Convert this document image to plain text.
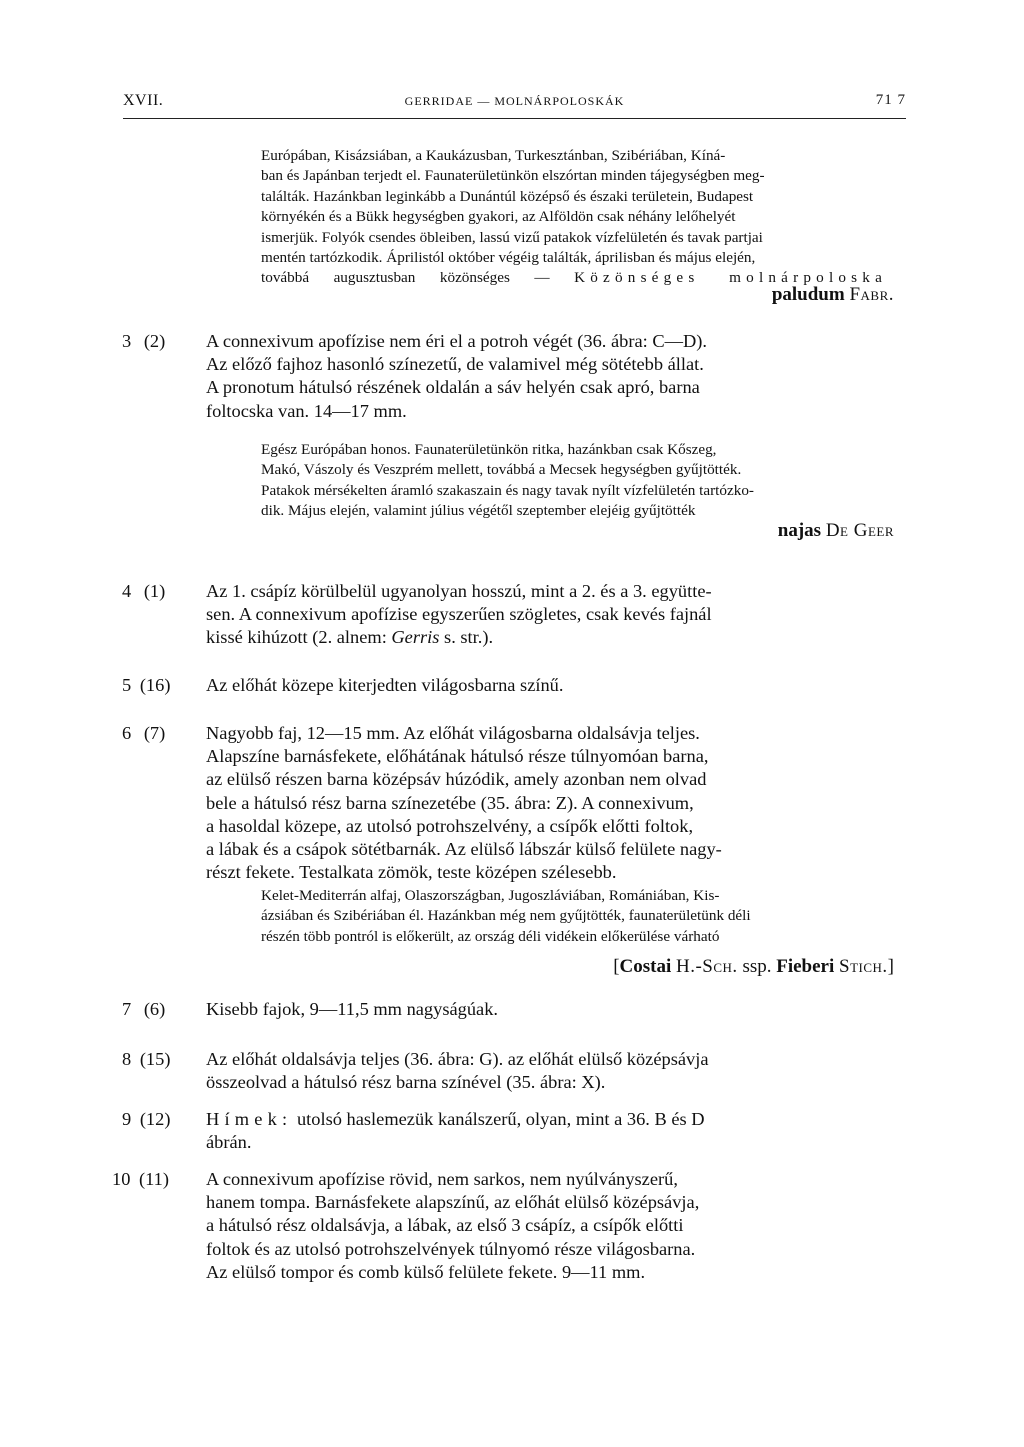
XVII.	GERRIDAE — MOLNÁRPOLOSKÁK	71 7

Európában, Kisázsiában, a Kaukázusban, Turkesztánban, Szibériában, Kíná-

ban és Japánban terjedt el. Faunaterületünkön elszórtan minden tájegységben meg-

találták. Hazánkban leginkább a Dunántúl középső és északi területein, Budapest

környékén és a Bükk hegységben gyakori, az Alföldön csak néhány lelőhelyét

ismerjük. Folyók csendes öbleiben, lassú vizű patakok vízfelületén és tavak partjai

mentén tartózkodik. Áprilistól október végéig találták, áprilisban és május elején,

továbbá augusztusban közönséges — Közönséges molnárpoloska

paludum Fabr.
3 (2) A connexivum apofízise nem éri el a potroh végét (36. ábra: C—D).

Az előző fajhoz hasonló színezetű, de valamivel még sötétebb állat.

A pronotum hátulsó részének oldalán a sáv helyén csak apró, barna

foltocska van. 14—17 mm.

Egész Európában honos. Faunaterületünkön ritka, hazánkban csak Kőszeg,

Makó, Vászoly és Veszprém mellett, továbbá a Mecsek hegységben gyűjtötték.

Patakok mérsékelten áramló szakaszain és nagy tavak nyílt vízfelületén tartózko-

dik. Május elején, valamint július végétől szeptember elejéig gyűjtötték

najas De Geer
4 (1) Az 1. csápíz körülbelül ugyanolyan hosszú, mint a 2. és a 3. együtte-

sen. A connexivum apofízise egyszerűen szögletes, csak kevés fajnál

kissé kihúzott (2. alnem: Gerris s. str.).

5 (16) Az előhát közepe kiterjedten világosbarna színű.

6 (7) Nagyobb faj, 12—15 mm. Az előhát világosbarna oldalsávja teljes.

Alapszíne barnásfekete, előhátának hátulsó része túlnyomóan barna,

az elülső részen barna középsáv húzódik, amely azonban nem olvad

bele a hátulsó rész barna színezetébe (35. ábra: Z). A connexivum,

a hasoldal közepe, az utolsó potrohszelvény, a csípők előtti foltok,

a lábak és a csápok sötétbarnák. Az elülső lábszár külső felülete nagy-

részt fekete. Testalkata zömök, teste középen szélesebb.

Kelet-Mediterrán alfaj, Olaszországban, Jugoszláviában, Romániában, Kis-

ázsiában és Szibériában él. Hazánkban még nem gyűjtötték, faunaterületünk déli

részén több pontról is előkerült, az ország déli vidékein előkerülése várható

[Costai H.-Sch. ssp. Fieberi Stich.]
7 (6) Kisebb fajok, 9—11,5 mm nagyságúak.

8 (15) Az előhát oldalsávja teljes (36. ábra: G). az előhát elülső középsávja

összeolvad a hátulsó rész barna színével (35. ábra: X).

9 (12) Hímek: utolsó haslemezük kanálszerű, olyan, mint a 36. B és D

ábrán.

10 (11) A connexivum apofízise rövid, nem sarkos, nem nyúlványszerű,

hanem tompa. Barnásfekete alapszínű, az előhát elülső középsávja,

a hátulsó rész oldalsávja, a lábak, az első 3 csápíz, a csípők előtti

foltok és az utolsó potrohszelvények túlnyomó része világosbarna.

Az elülső tompor és comb külső felülete fekete. 9—11 mm.
